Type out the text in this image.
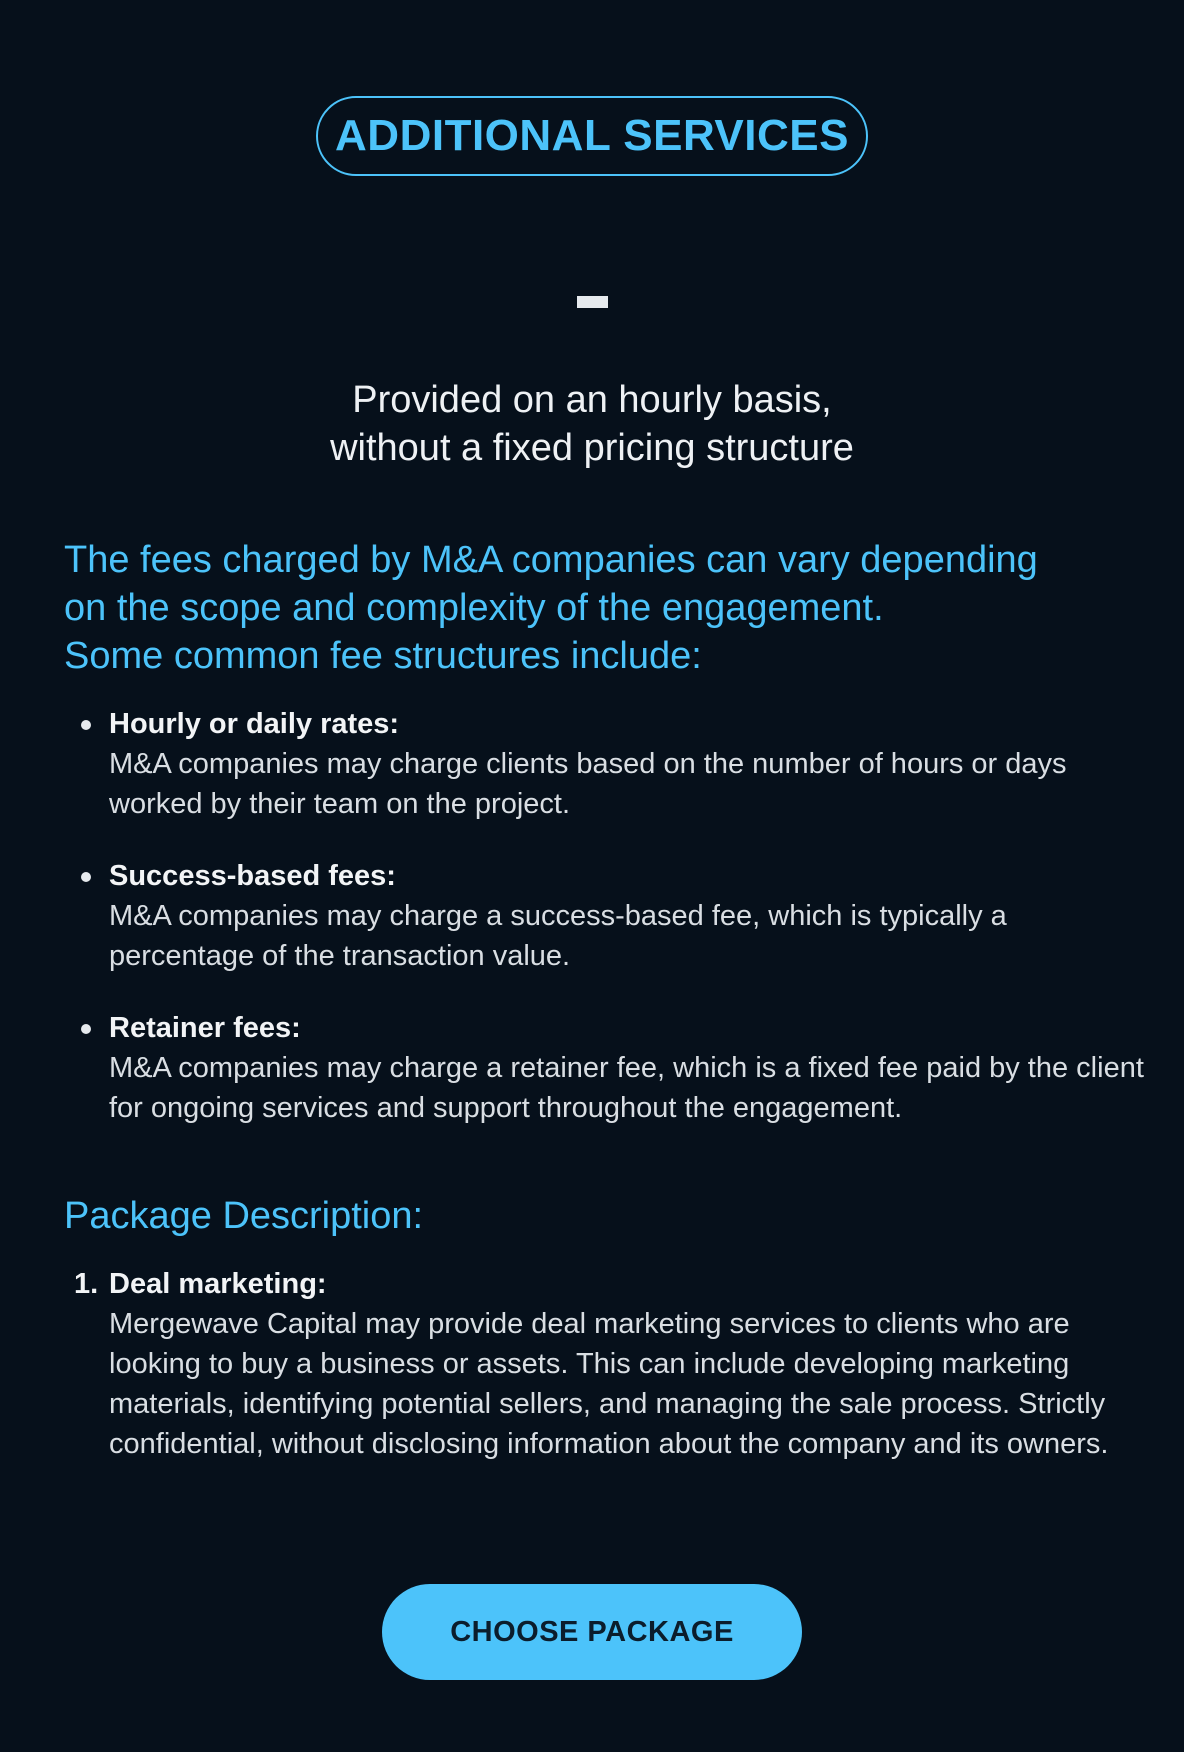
ADDITIONAL SERVICES
Provided on an hourly basis,
without a fixed pricing structure
The fees charged by M&A companies can vary depending
on the scope and complexity of the engagement.
Some common fee structures include:
Hourly or daily rates:
M&A companies may charge clients based on the number of hours or days worked by their team on the project.
Success-based fees:
M&A companies may charge a success-based fee, which is typically a percentage of the transaction value.
Retainer fees:
M&A companies may charge a retainer fee, which is a fixed fee paid by the client for ongoing services and support throughout the engagement.
Package Description:
1. Deal marketing:
Mergewave Capital may provide deal marketing services to clients who are looking to buy a business or assets. This can include developing marketing materials, identifying potential sellers, and managing the sale process. Strictly confidential, without disclosing information about the company and its owners.
CHOOSE PACKAGE
